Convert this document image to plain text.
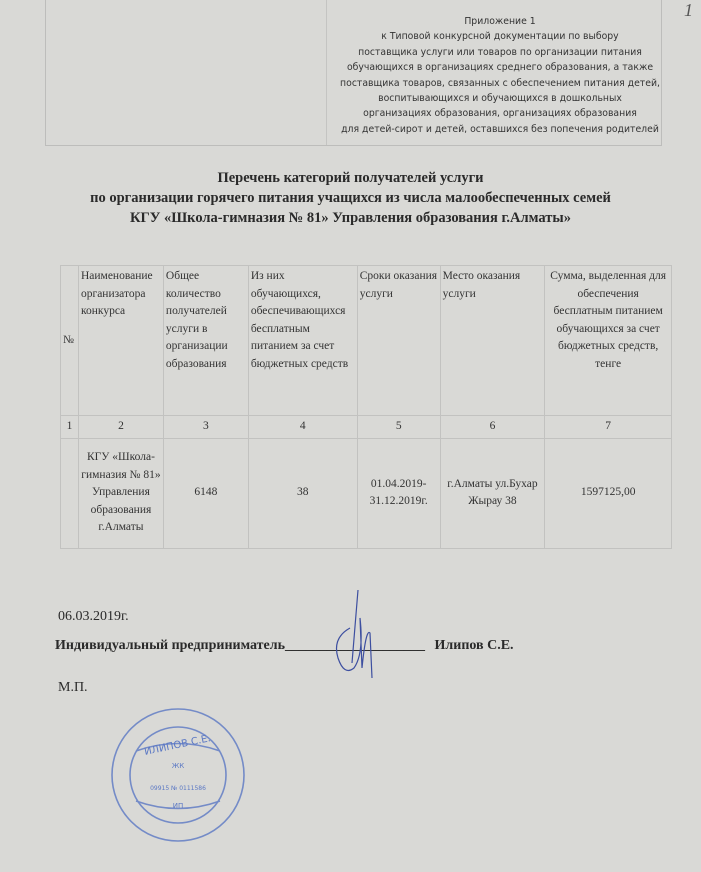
1
Приложение 1
к Типовой конкурсной документации по выбору
поставщика услуги или товаров по организации питания
обучающихся в организациях среднего образования, а также
поставщика товаров, связанных с обеспечением питания детей,
воспитывающихся и обучающихся в дошкольных
организациях образования, организациях образования
для детей-сирот и детей, оставшихся без попечения родителей
Перечень категорий получателей услуги
по организации горячего питания учащихся из числа малообеспеченных семей
КГУ «Школа-гимназия № 81» Управления образования г.Алматы»
№	Наименование организатора конкурса	Общее количество получателей услуги в организации образования	Из них обучающихся, обеспечивающихся бесплатным питанием за счет бюджетных средств	Сроки оказания услуги	Место оказания услуги	Сумма, выделенная для обеспечения бесплатным питанием обучающихся за счет бюджетных средств, тенге
1	2	3	4	5	6	7
	КГУ «Школа-гимназия № 81» Управления образования г.Алматы	6148	38	01.04.2019-31.12.2019г.	г.Алматы ул.Бухар Жырау 38	1597125,00
06.03.2019г.
Индивидуальный предприниматель____________________ Илипов С.Е.
М.П.
ИЛИПОВ С.Е.
ЖК
09915 № 0111586
ИП
